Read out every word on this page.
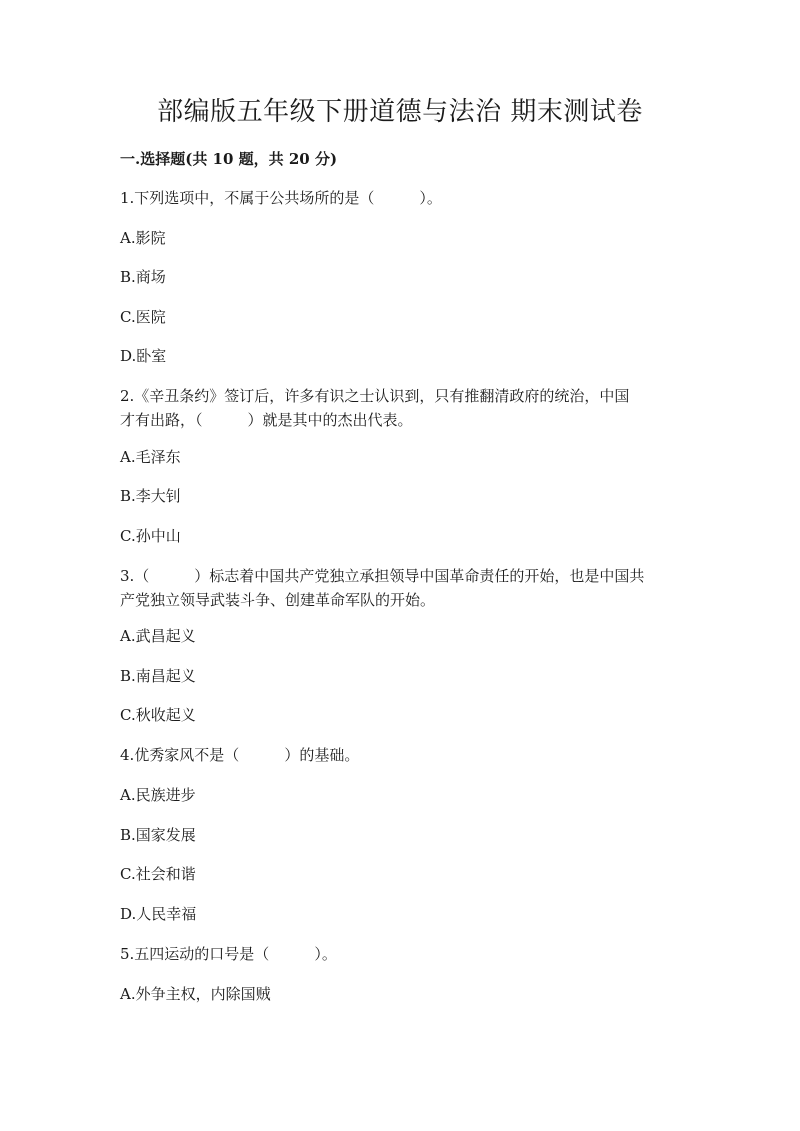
部编版五年级下册道德与法治 期末测试卷
一.选择题(共 10 题，共 20 分)
1.下列选项中，不属于公共场所的是（　　　）。
A.影院
B.商场
C.医院
D.卧室
2.《辛丑条约》签订后，许多有识之士认识到，只有推翻清政府的统治，中国
才有出路，（　　　）就是其中的杰出代表。
A.毛泽东
B.李大钊
C.孙中山
3.（　　　）标志着中国共产党独立承担领导中国革命责任的开始，也是中国共
产党独立领导武装斗争、创建革命军队的开始。
A.武昌起义
B.南昌起义
C.秋收起义
4.优秀家风不是（　　　）的基础。
A.民族进步
B.国家发展
C.社会和谐
D.人民幸福
5.五四运动的口号是（　　　）。
A.外争主权，内除国贼
